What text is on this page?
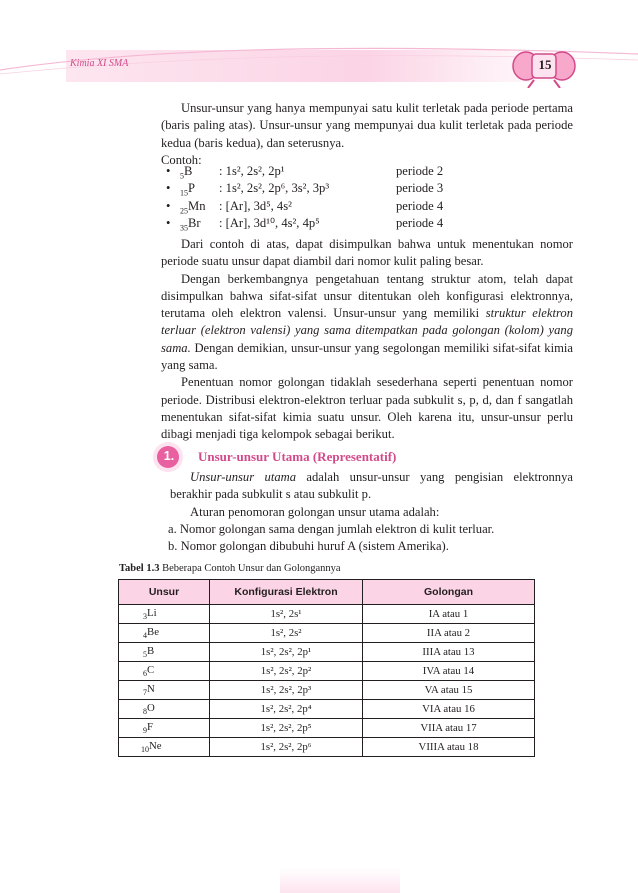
Kimia XI SMA	15

Unsur-unsur yang hanya mempunyai satu kulit terletak pada periode pertama (baris paling atas). Unsur-unsur yang mempunyai dua kulit terletak pada periode kedua (baris kedua), dan seterusnya.

Contoh:

• $_5$B : 1s², 2s², 2p¹	periode 2
• $_{15}$P : 1s², 2s², 2p⁶, 3s², 3p³	periode 3
• $_{25}$Mn : [Ar], 3d⁵, 4s²	periode 4
• $_{35}$Br : [Ar], 3d¹⁰, 4s², 4p⁵	periode 4

Dari contoh di atas, dapat disimpulkan bahwa untuk menentukan nomor periode suatu unsur dapat diambil dari nomor kulit paling besar.

Dengan berkembangnya pengetahuan tentang struktur atom, telah dapat disimpulkan bahwa sifat-sifat unsur ditentukan oleh konfigurasi elektronnya, terutama oleh elektron valensi. Unsur-unsur yang memiliki struktur elektron terluar (elektron valensi) yang sama ditempatkan pada golongan (kolom) yang sama. Dengan demikian, unsur-unsur yang segolongan memiliki sifat-sifat kimia yang sama.

Penentuan nomor golongan tidaklah sesederhana seperti penentuan nomor periode. Distribusi elektron-elektron terluar pada subkulit s, p, d, dan f sangatlah menentukan sifat-sifat kimia suatu unsur. Oleh karena itu, unsur-unsur perlu dibagi menjadi tiga kelompok sebagai berikut.

1. Unsur-unsur Utama (Representatif)

Unsur-unsur utama adalah unsur-unsur yang pengisian elektronnya berakhir pada subkulit s atau subkulit p.

Aturan penomoran golongan unsur utama adalah:

a. Nomor golongan sama dengan jumlah elektron di kulit terluar.

b. Nomor golongan dibubuhi huruf A (sistem Amerika).

Tabel 1.3 Beberapa Contoh Unsur dan Golongannya
Unsur	Konfigurasi Elektron	Golongan
$_3$Li	1s², 2s¹	IA atau 1
$_4$Be	1s², 2s²	IIA atau 2
$_5$B	1s², 2s², 2p¹	IIIA atau 13
$_6$C	1s², 2s², 2p²	IVA atau 14
$_7$N	1s², 2s², 2p³	VA atau 15
$_8$O	1s², 2s², 2p⁴	VIA atau 16
$_9$F	1s², 2s², 2p⁵	VIIA atau 17
$_{10}$Ne	1s², 2s², 2p⁶	VIIIA atau 18
